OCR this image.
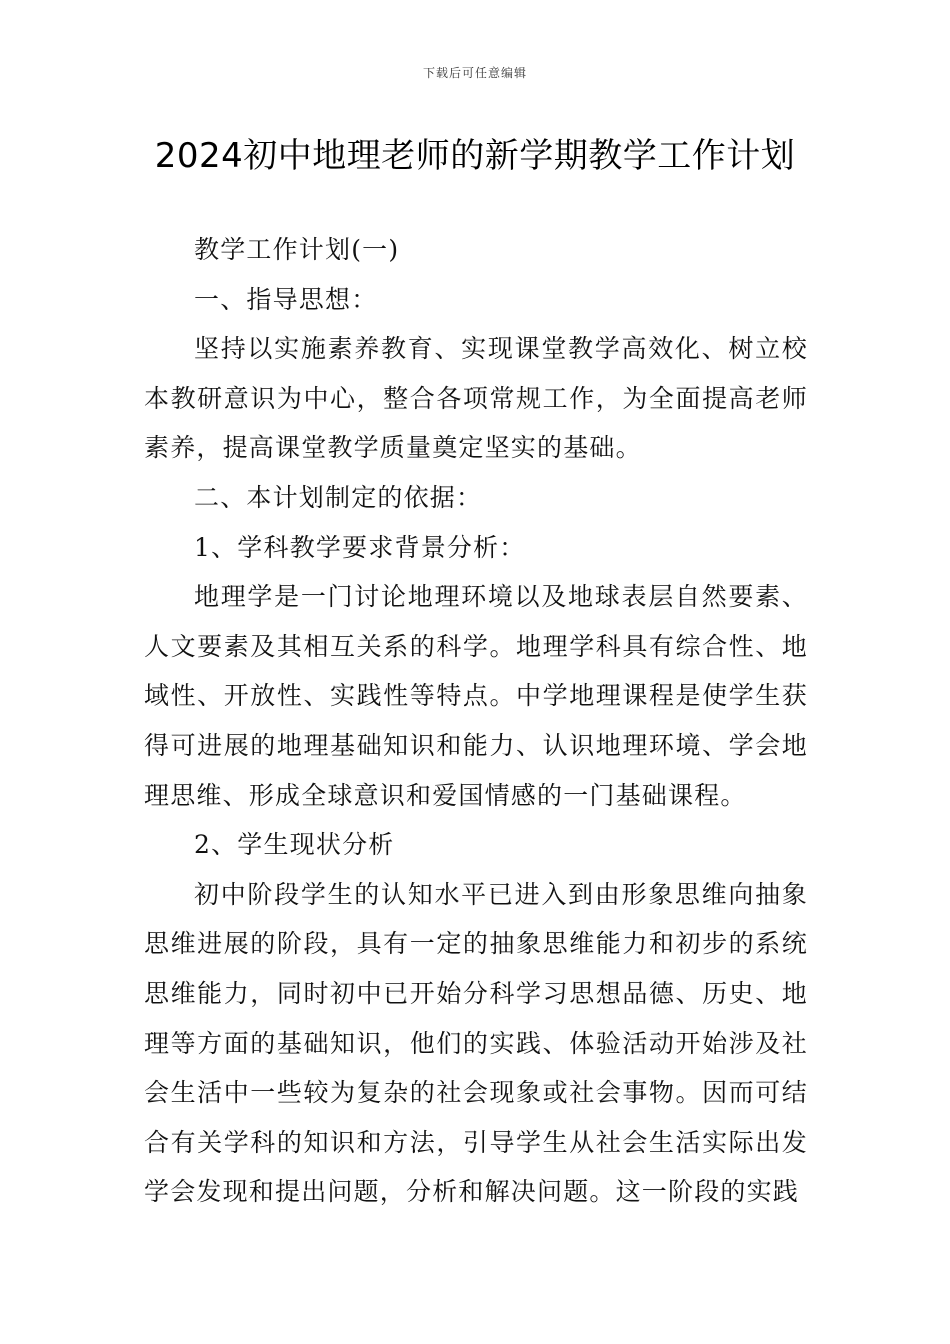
下载后可任意编辑
2024初中地理老师的新学期教学工作计划

教学工作计划(一)

一、指导思想：

坚持以实施素养教育、实现课堂教学高效化、树立校本教研意识为中心，整合各项常规工作，为全面提高老师素养，提高课堂教学质量奠定坚实的基础。

二、本计划制定的依据：

1、学科教学要求背景分析：

地理学是一门讨论地理环境以及地球表层自然要素、人文要素及其相互关系的科学。地理学科具有综合性、地域性、开放性、实践性等特点。中学地理课程是使学生获得可进展的地理基础知识和能力、认识地理环境、学会地理思维、形成全球意识和爱国情感的一门基础课程。

2、学生现状分析

初中阶段学生的认知水平已进入到由形象思维向抽象思维进展的阶段，具有一定的抽象思维能力和初步的系统思维能力，同时初中已开始分科学习思想品德、历史、地理等方面的基础知识，他们的实践、体验活动开始涉及社会生活中一些较为复杂的社会现象或社会事物。因而可结合有关学科的知识和方法，引导学生从社会生活实际出发学会发现和提出问题，分析和解决问题。这一阶段的实践
